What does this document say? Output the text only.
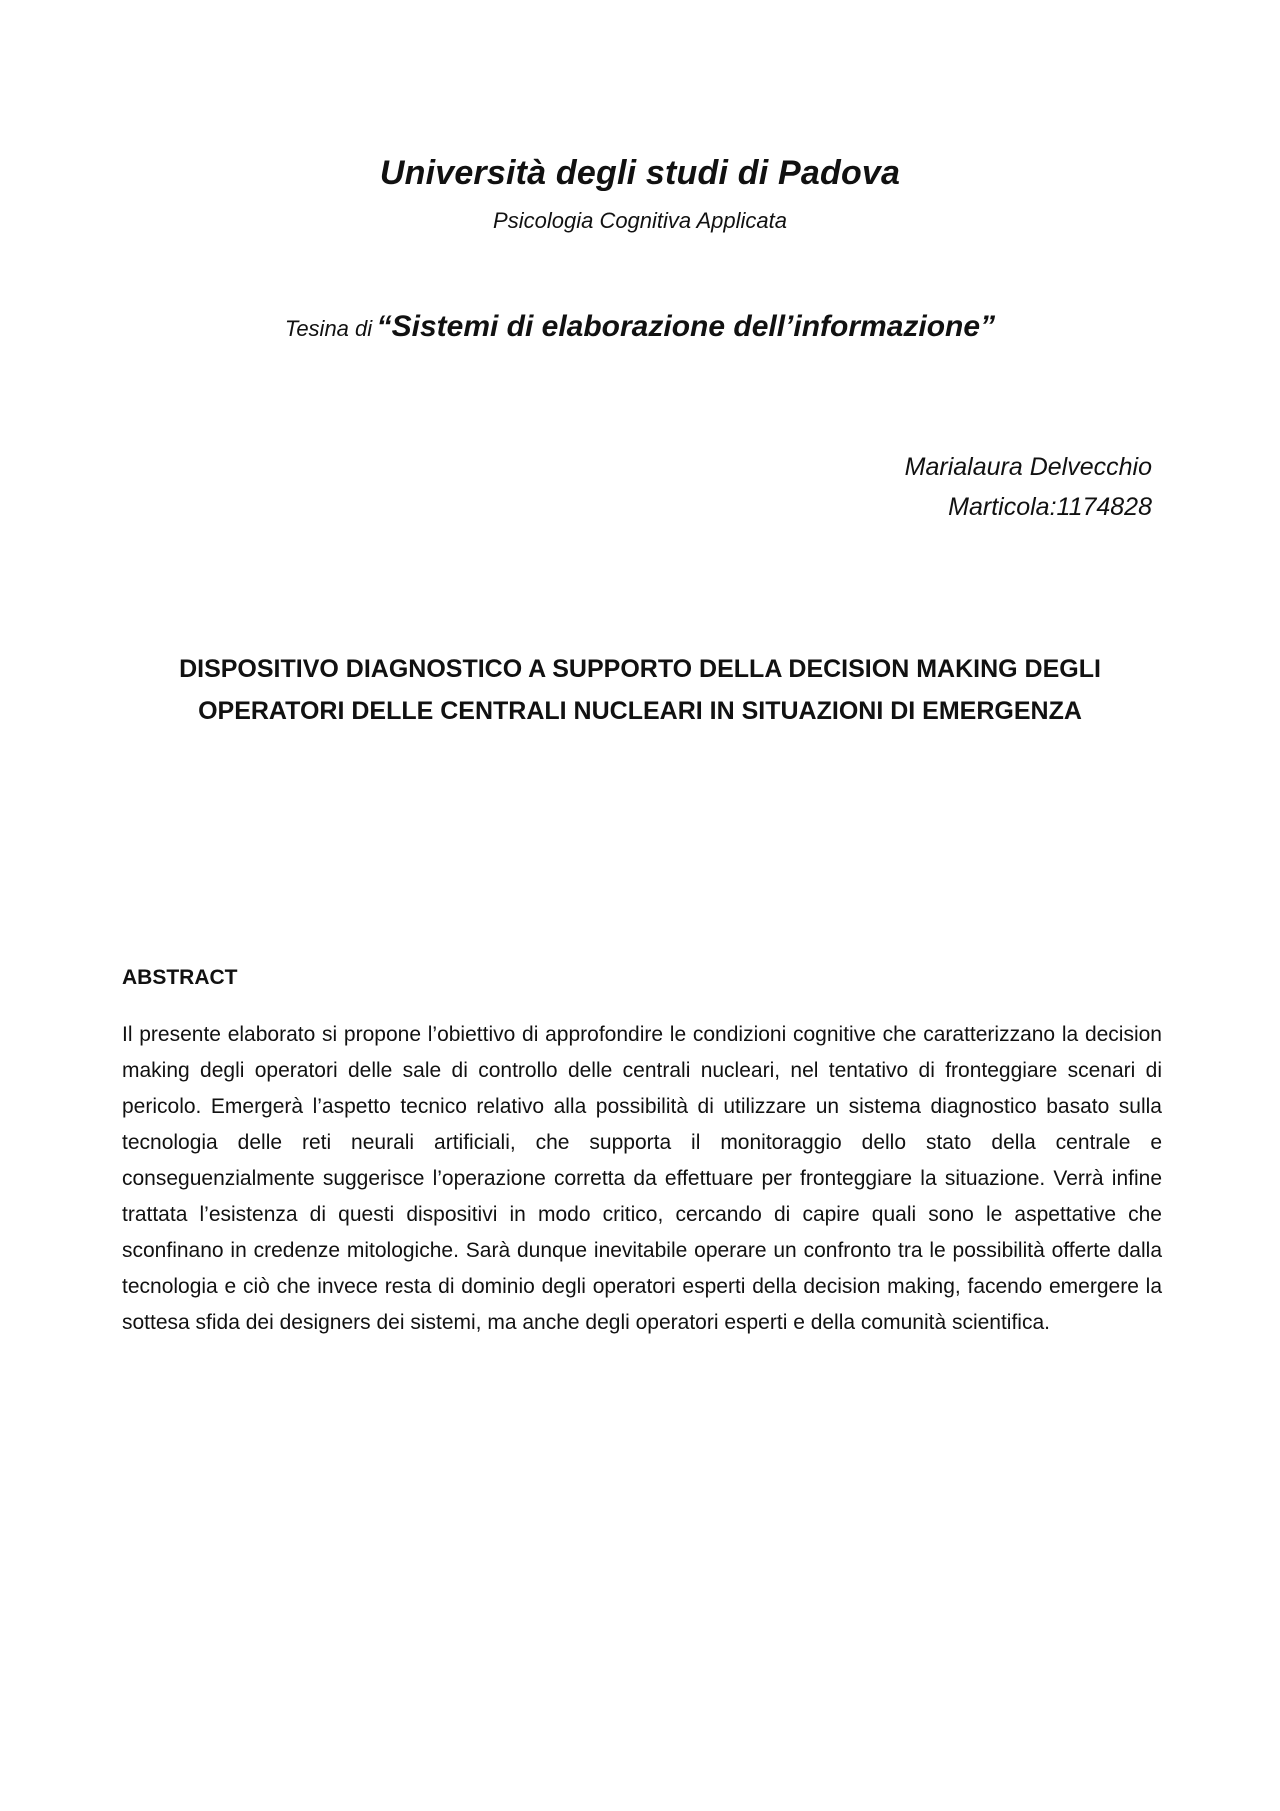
Università degli studi di Padova
Psicologia Cognitiva Applicata
Tesina di “Sistemi di elaborazione dell’informazione”
Marialaura Delvecchio
Marticola:1174828
DISPOSITIVO DIAGNOSTICO A SUPPORTO DELLA DECISION MAKING DEGLI OPERATORI DELLE CENTRALI NUCLEARI IN SITUAZIONI DI EMERGENZA
ABSTRACT
Il presente elaborato si propone l’obiettivo di approfondire le condizioni cognitive che caratterizzano la decision making degli operatori delle sale di controllo delle centrali nucleari, nel tentativo di fronteggiare scenari di pericolo. Emergerà l’aspetto tecnico relativo alla possibilità di utilizzare un sistema diagnostico basato sulla tecnologia delle reti neurali artificiali, che supporta il monitoraggio dello stato della centrale e conseguenzialmente suggerisce l’operazione corretta da effettuare per fronteggiare la situazione. Verrà infine trattata l’esistenza di questi dispositivi in modo critico, cercando di capire quali sono le aspettative che sconfinano in credenze mitologiche. Sarà dunque inevitabile operare un confronto tra le possibilità offerte dalla tecnologia e ciò che invece resta di dominio degli operatori esperti della decision making, facendo emergere la sottesa sfida dei designers dei sistemi, ma anche degli operatori esperti e della comunità scientifica.
